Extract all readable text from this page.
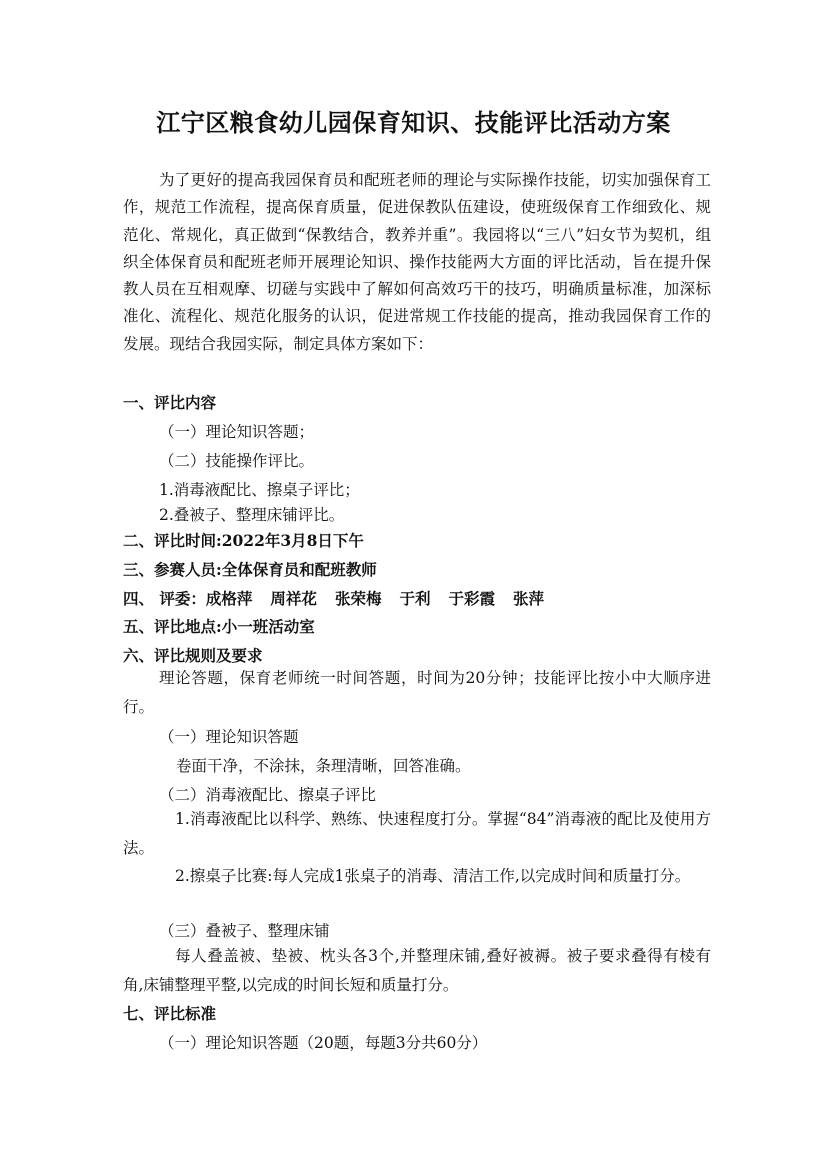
江宁区粮食幼儿园保育知识、技能评比活动方案
为了更好的提高我园保育员和配班老师的理论与实际操作技能，切实加强保育工作，规范工作流程，提高保育质量，促进保教队伍建设，使班级保育工作细致化、规范化、常规化，真正做到“保教结合，教养并重”。我园将以“三八”妇女节为契机，组织全体保育员和配班老师开展理论知识、操作技能两大方面的评比活动，旨在提升保教人员在互相观摩、切磋与实践中了解如何高效巧干的技巧，明确质量标准，加深标准化、流程化、规范化服务的认识，促进常规工作技能的提高，推动我园保育工作的发展。现结合我园实际，制定具体方案如下：
一、评比内容
（一）理论知识答题；
（二）技能操作评比。
1.消毒液配比、擦桌子评比；
2.叠被子、整理床铺评比。
二、评比时间:2022年3月8日下午
三、参赛人员:全体保育员和配班教师
四、 评委：成格萍 周祥花 张荣梅 于利 于彩霞 张萍
五、评比地点:小一班活动室
六、评比规则及要求
理论答题，保育老师统一时间答题，时间为20分钟；技能评比按小中大顺序进行。
（一）理论知识答题
卷面干净，不涂抹，条理清晰，回答准确。
（二）消毒液配比、擦桌子评比
1.消毒液配比以科学、熟练、快速程度打分。掌握“84”消毒液的配比及使用方法。
2.擦桌子比赛:每人完成1张桌子的消毒、清洁工作,以完成时间和质量打分。
（三）叠被子、整理床铺
每人叠盖被、垫被、枕头各3个,并整理床铺,叠好被褥。被子要求叠得有棱有角,床铺整理平整,以完成的时间长短和质量打分。
七、评比标准
（一）理论知识答题（20题，每题3分共60分）
